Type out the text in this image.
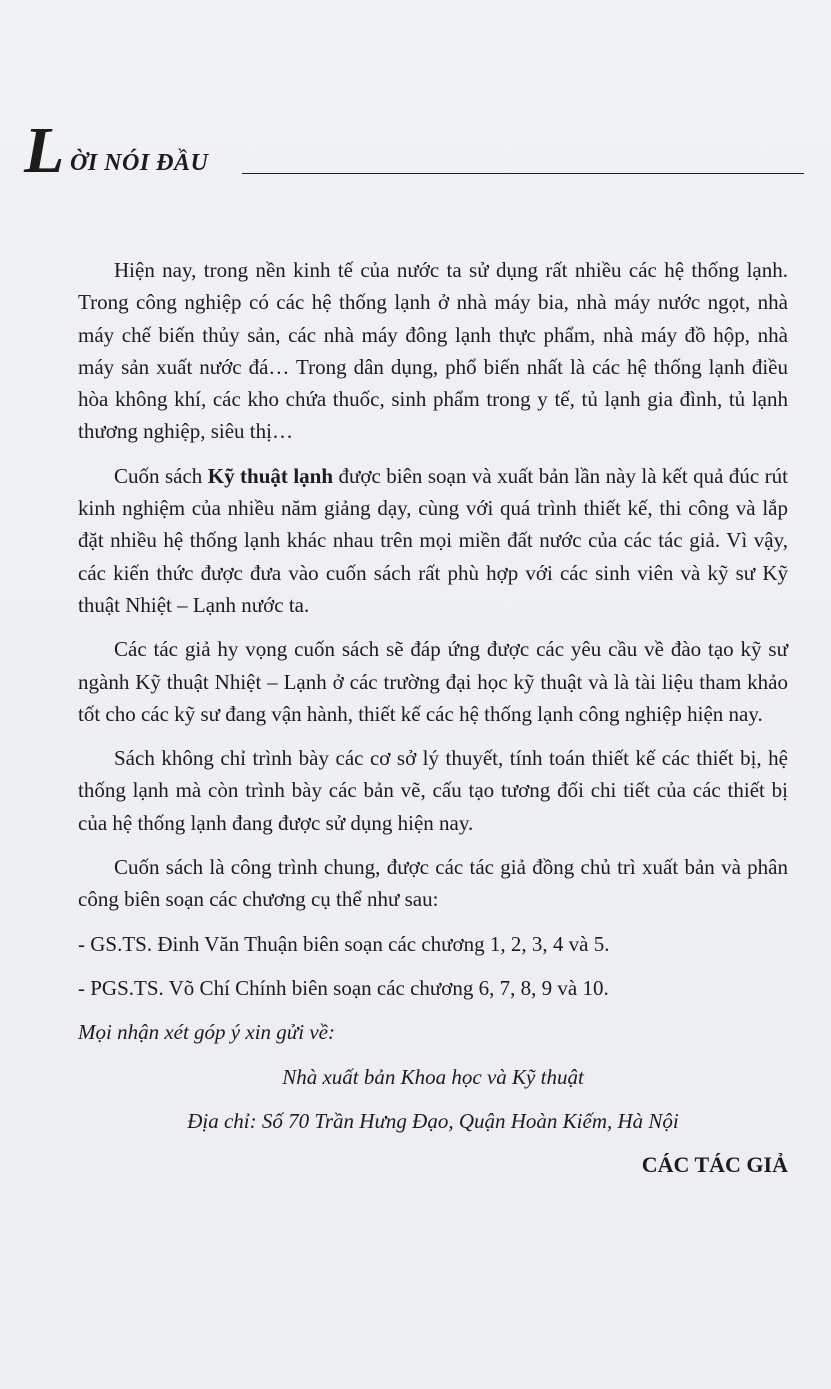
L ỜI NÓI ĐẦU

Hiện nay, trong nền kinh tế của nước ta sử dụng rất nhiều các hệ thống lạnh. Trong công nghiệp có các hệ thống lạnh ở nhà máy bia, nhà máy nước ngọt, nhà máy chế biến thủy sản, các nhà máy đông lạnh thực phẩm, nhà máy đồ hộp, nhà máy sản xuất nước đá… Trong dân dụng, phổ biến nhất là các hệ thống lạnh điều hòa không khí, các kho chứa thuốc, sinh phẩm trong y tế, tủ lạnh gia đình, tủ lạnh thương nghiệp, siêu thị…

Cuốn sách Kỹ thuật lạnh được biên soạn và xuất bản lần này là kết quả đúc rút kinh nghiệm của nhiều năm giảng dạy, cùng với quá trình thiết kế, thi công và lắp đặt nhiều hệ thống lạnh khác nhau trên mọi miền đất nước của các tác giả. Vì vậy, các kiến thức được đưa vào cuốn sách rất phù hợp với các sinh viên và kỹ sư Kỹ thuật Nhiệt – Lạnh nước ta.

Các tác giả hy vọng cuốn sách sẽ đáp ứng được các yêu cầu về đào tạo kỹ sư ngành Kỹ thuật Nhiệt – Lạnh ở các trường đại học kỹ thuật và là tài liệu tham khảo tốt cho các kỹ sư đang vận hành, thiết kế các hệ thống lạnh công nghiệp hiện nay.

Sách không chỉ trình bày các cơ sở lý thuyết, tính toán thiết kế các thiết bị, hệ thống lạnh mà còn trình bày các bản vẽ, cấu tạo tương đối chi tiết của các thiết bị của hệ thống lạnh đang được sử dụng hiện nay.

Cuốn sách là công trình chung, được các tác giả đồng chủ trì xuất bản và phân công biên soạn các chương cụ thể như sau:

- GS.TS. Đinh Văn Thuận biên soạn các chương 1, 2, 3, 4 và 5.

- PGS.TS. Võ Chí Chính biên soạn các chương 6, 7, 8, 9 và 10.

Mọi nhận xét góp ý xin gửi về:

Nhà xuất bản Khoa học và Kỹ thuật

Địa chỉ: Số 70 Trần Hưng Đạo, Quận Hoàn Kiếm, Hà Nội

CÁC TÁC GIẢ
